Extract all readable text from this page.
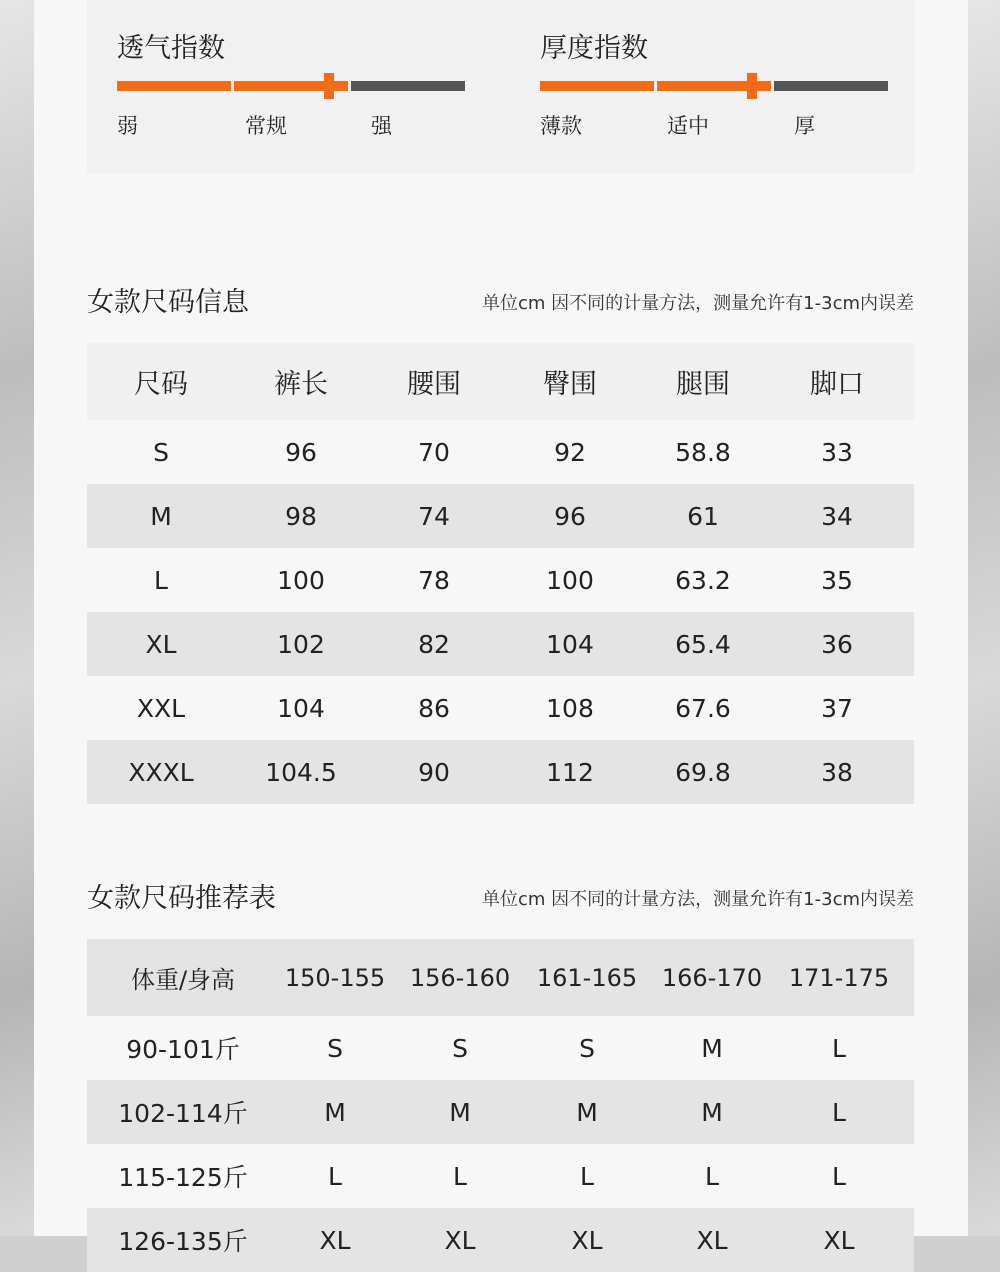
透气指数
弱	常规	强
厚度指数
薄款	适中	厚
女款尺码信息	单位cm 因不同的计量方法，测量允许有1-3cm内误差
尺码	裤长	腰围	臀围	腿围	脚口
S	96	70	92	58.8	33
M	98	74	96	61	34
L	100	78	100	63.2	35
XL	102	82	104	65.4	36
XXL	104	86	108	67.6	37
XXXL	104.5	90	112	69.8	38
女款尺码推荐表	单位cm 因不同的计量方法，测量允许有1-3cm内误差
体重/身高	150-155	156-160	161-165	166-170	171-175
90-101斤	S	S	S	M	L
102-114斤	M	M	M	M	L
115-125斤	L	L	L	L	L
126-135斤	XL	XL	XL	XL	XL
